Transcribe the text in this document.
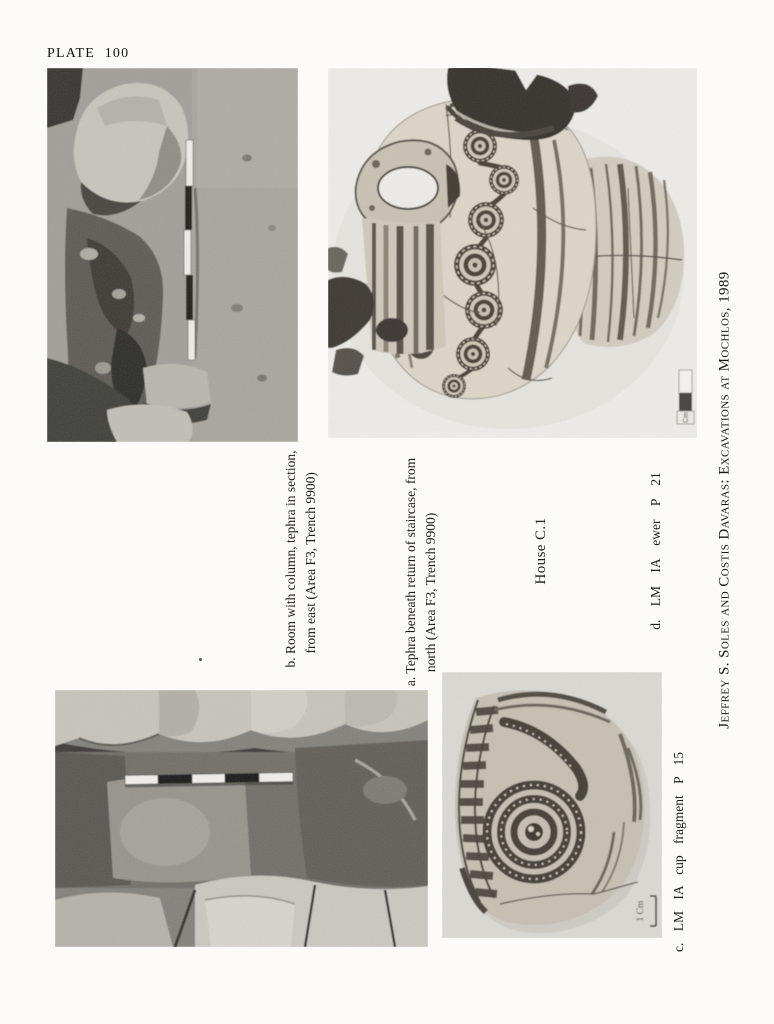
PLATE 100
Cm
1 Cm
b. Room with column, tephra in section, from east (Area F3, Trench 9900)	a. Tephra beneath return of staircase, from north (Area F3, Trench 9900)	House C.1	d. LM IA ewer P 21
c. LM IA cup fragment P 15
Jeffrey S. Soles and Costis Davaras: Excavations at Mochlos, 1989
